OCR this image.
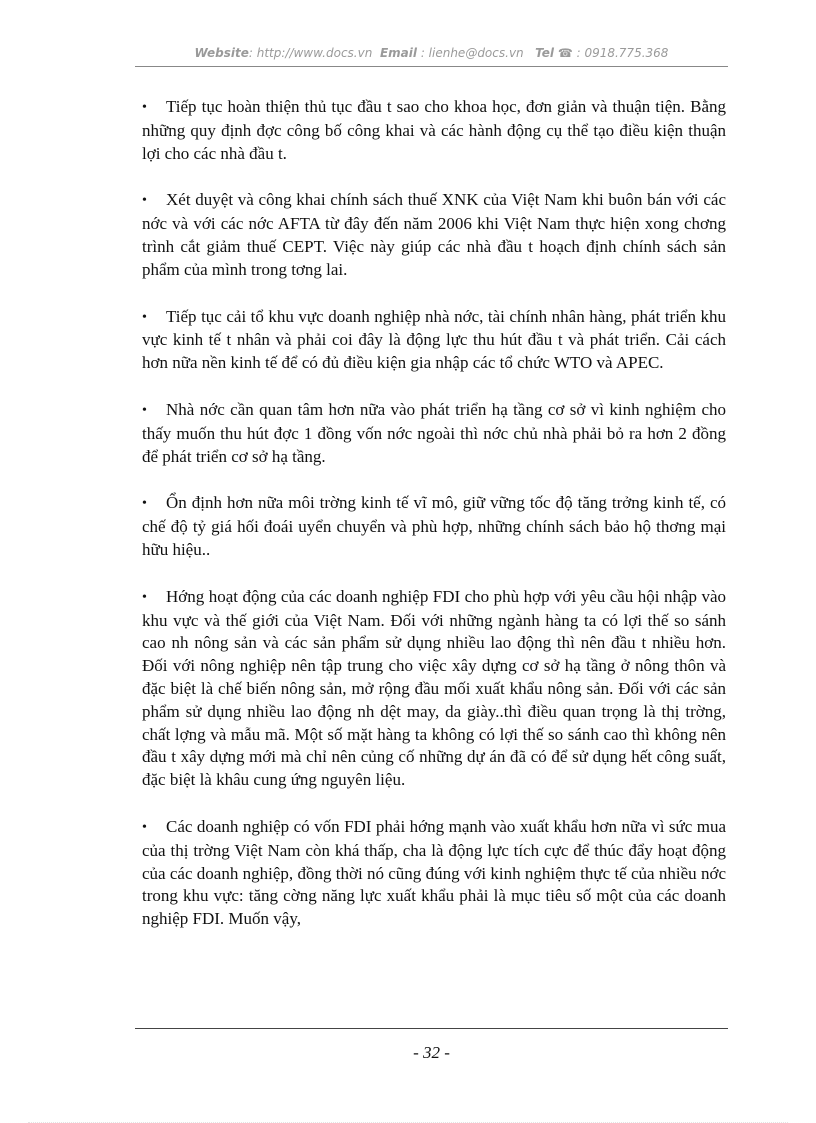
Website: http://www.docs.vn Email : lienhe@docs.vn Tel ☎ : 0918.775.368

• Tiếp tục hoàn thiện thủ tục đầu t sao cho khoa học, đơn giản và thuận tiện. Bằng những quy định đợc công bố công khai và các hành động cụ thể tạo điều kiện thuận lợi cho các nhà đầu t.

• Xét duyệt và công khai chính sách thuế XNK của Việt Nam khi buôn bán với các nớc và với các nớc AFTA từ đây đến năm 2006 khi Việt Nam thực hiện xong chơng trình cắt giảm thuế CEPT. Việc này giúp các nhà đầu t hoạch định chính sách sản phẩm của mình trong tơng lai.

• Tiếp tục cải tổ khu vực doanh nghiệp nhà nớc, tài chính nhân hàng, phát triển khu vực kinh tế t nhân và phải coi đây là động lực thu hút đầu t và phát triển. Cải cách hơn nữa nền kinh tế để có đủ điều kiện gia nhập các tổ chức WTO và APEC.

• Nhà nớc cần quan tâm hơn nữa vào phát triển hạ tầng cơ sở vì kinh nghiệm cho thấy muốn thu hút đợc 1 đồng vốn nớc ngoài thì nớc chủ nhà phải bỏ ra hơn 2 đồng để phát triển cơ sở hạ tầng.

• Ổn định hơn nữa môi trờng kinh tế vĩ mô, giữ vững tốc độ tăng trởng kinh tế, có chế độ tỷ giá hối đoái uyển chuyển và phù hợp, những chính sách bảo hộ thơng mại hữu hiệu..

• Hớng hoạt động của các doanh nghiệp FDI cho phù hợp với yêu cầu hội nhập vào khu vực và thế giới của Việt Nam. Đối với những ngành hàng ta có lợi thế so sánh cao nh nông sản và các sản phẩm sử dụng nhiều lao động thì nên đầu t nhiều hơn. Đối với nông nghiệp nên tập trung cho việc xây dựng cơ sở hạ tầng ở nông thôn và đặc biệt là chế biến nông sản, mở rộng đầu mối xuất khẩu nông sản. Đối với các sản phẩm sử dụng nhiều lao động nh dệt may, da giày..thì điều quan trọng là thị trờng, chất lợng và mẫu mã. Một số mặt hàng ta không có lợi thế so sánh cao thì không nên đầu t xây dựng mới mà chỉ nên củng cố những dự án đã có để sử dụng hết công suất, đặc biệt là khâu cung ứng nguyên liệu.

• Các doanh nghiệp có vốn FDI phải hớng mạnh vào xuất khẩu hơn nữa vì sức mua của thị trờng Việt Nam còn khá thấp, cha là động lực tích cực để thúc đẩy hoạt động của các doanh nghiệp, đồng thời nó cũng đúng với kinh nghiệm thực tế của nhiều nớc trong khu vực: tăng cờng năng lực xuất khẩu phải là mục tiêu số một của các doanh nghiệp FDI. Muốn vậy,

- 32 -
